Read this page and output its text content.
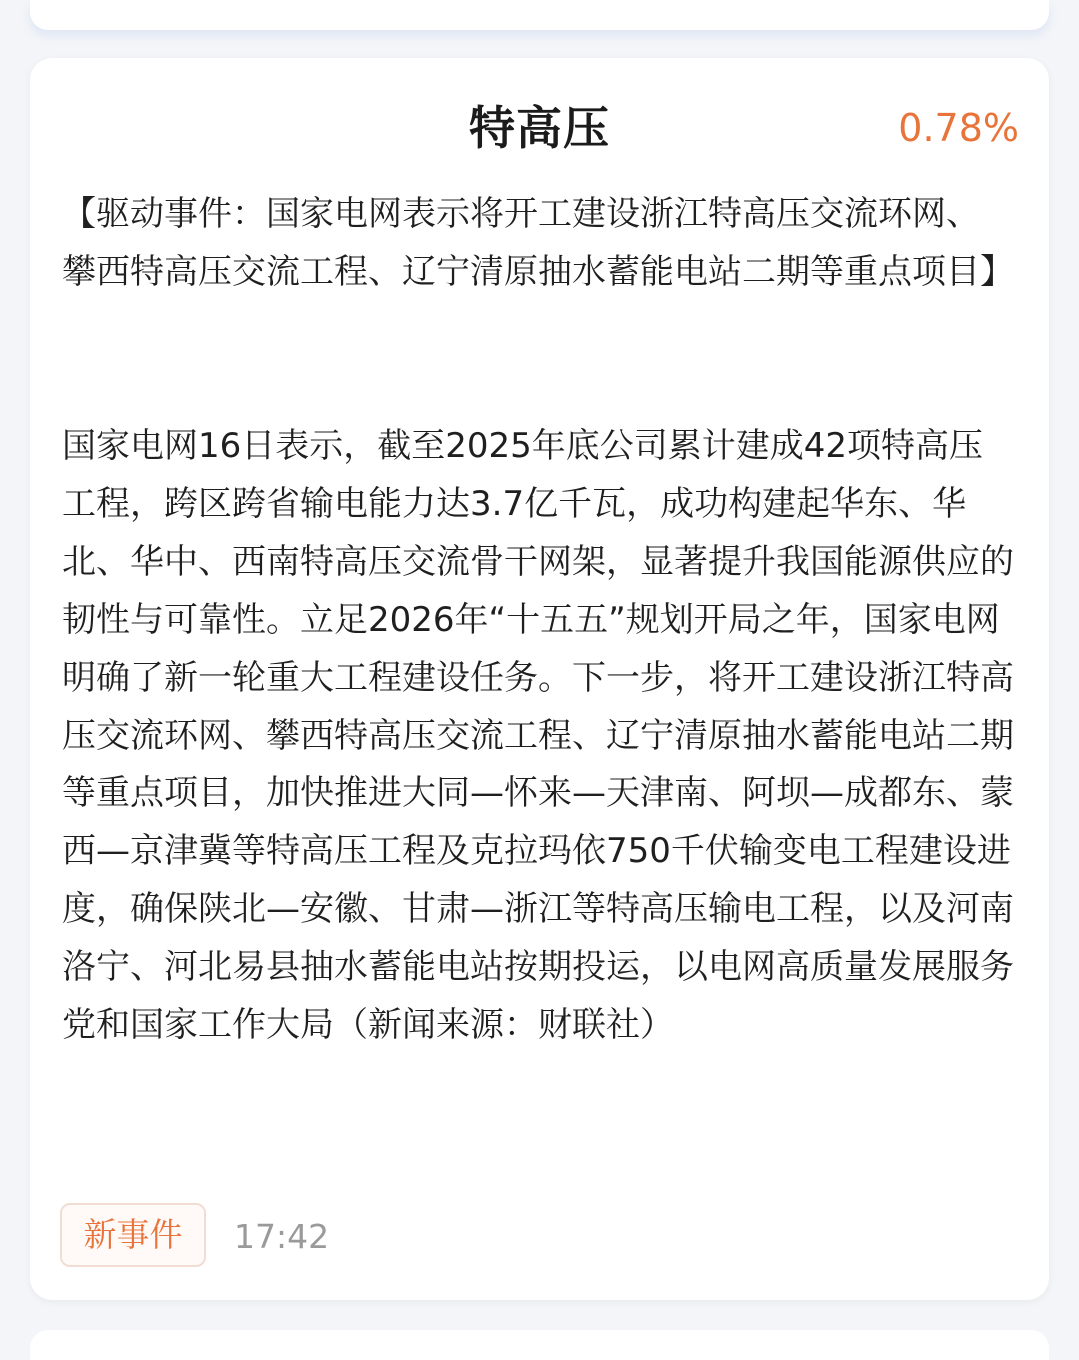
特高压	0.78%

【驱动事件：国家电网表示将开工建设浙江特高压交流环网、攀西特高压交流工程、辽宁清原抽水蓄能电站二期等重点项目】

国家电网16日表示，截至2025年底公司累计建成42项特高压工程，跨区跨省输电能力达3.7亿千瓦，成功构建起华东、华北、华中、西南特高压交流骨干网架，显著提升我国能源供应的韧性与可靠性。立足2026年“十五五”规划开局之年，国家电网明确了新一轮重大工程建设任务。下一步，将开工建设浙江特高压交流环网、攀西特高压交流工程、辽宁清原抽水蓄能电站二期等重点项目，加快推进大同—怀来—天津南、阿坝—成都东、蒙西—京津冀等特高压工程及克拉玛依750千伏输变电工程建设进度，确保陕北—安徽、甘肃—浙江等特高压输电工程，以及河南洛宁、河北易县抽水蓄能电站按期投运，以电网高质量发展服务党和国家工作大局（新闻来源：财联社）

新事件	17:42
